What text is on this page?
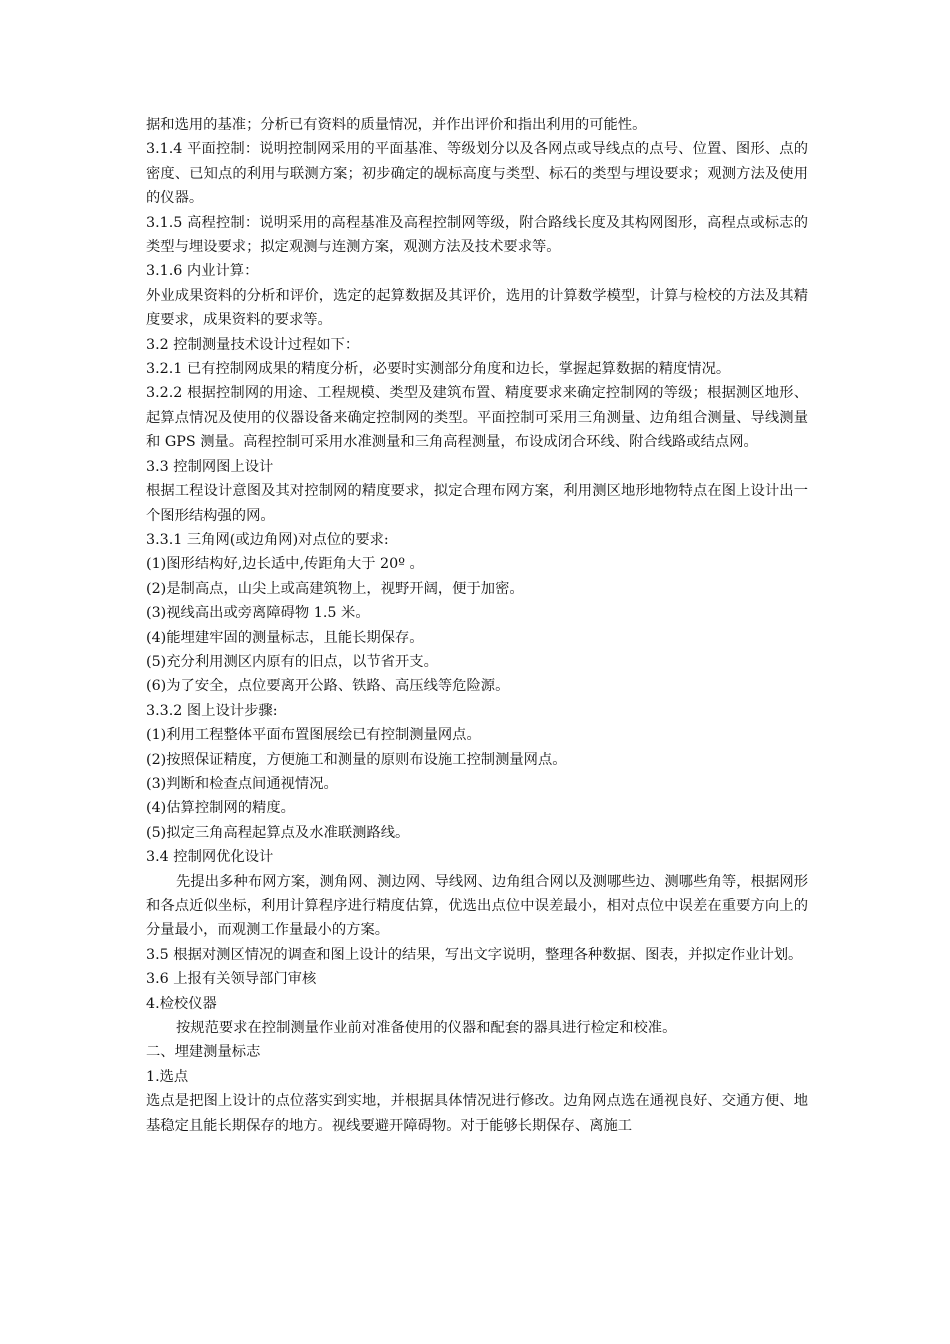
据和选用的基准；分析已有资料的质量情况，并作出评价和指出利用的可能性。

3.1.4 平面控制：说明控制网采用的平面基准、等级划分以及各网点或导线点的点号、位置、图形、点的密度、已知点的利用与联测方案；初步确定的觇标高度与类型、标石的类型与埋设要求；观测方法及使用的仪器。

3.1.5 高程控制：说明采用的高程基准及高程控制网等级，附合路线长度及其构网图形，高程点或标志的类型与埋设要求；拟定观测与连测方案，观测方法及技术要求等。

3.1.6 内业计算：

外业成果资料的分析和评价，选定的起算数据及其评价，选用的计算数学模型，计算与检校的方法及其精度要求，成果资料的要求等。

3.2 控制测量技术设计过程如下：

3.2.1 已有控制网成果的精度分析，必要时实测部分角度和边长，掌握起算数据的精度情况。

3.2.2 根据控制网的用途、工程规模、类型及建筑布置、精度要求来确定控制网的等级；根据测区地形、起算点情况及使用的仪器设备来确定控制网的类型。平面控制可采用三角测量、边角组合测量、导线测量和 GPS 测量。高程控制可采用水准测量和三角高程测量，布设成闭合环线、附合线路或结点网。

3.3 控制网图上设计

根据工程设计意图及其对控制网的精度要求，拟定合理布网方案，利用测区地形地物特点在图上设计出一个图形结构强的网。

3.3.1 三角网(或边角网)对点位的要求:

(1)图形结构好,边长适中,传距角大于 20º 。

(2)是制高点，山尖上或高建筑物上，视野开阔，便于加密。

(3)视线高出或旁离障碍物 1.5 米。

(4)能埋建牢固的测量标志，且能长期保存。

(5)充分利用测区内原有的旧点，以节省开支。

(6)为了安全，点位要离开公路、铁路、高压线等危险源。

3.3.2 图上设计步骤:

(1)利用工程整体平面布置图展绘已有控制测量网点。

(2)按照保证精度，方便施工和测量的原则布设施工控制测量网点。

(3)判断和检查点间通视情况。

(4)估算控制网的精度。

(5)拟定三角高程起算点及水准联测路线。

3.4 控制网优化设计

先提出多种布网方案，测角网、测边网、导线网、边角组合网以及测哪些边、测哪些角等，根据网形和各点近似坐标，利用计算程序进行精度估算，优选出点位中误差最小，相对点位中误差在重要方向上的分量最小，而观测工作量最小的方案。

3.5 根据对测区情况的调查和图上设计的结果，写出文字说明，整理各种数据、图表，并拟定作业计划。

3.6 上报有关领导部门审核

4.检校仪器

按规范要求在控制测量作业前对准备使用的仪器和配套的器具进行检定和校准。

二、埋建测量标志

1.选点

选点是把图上设计的点位落实到实地，并根据具体情况进行修改。边角网点选在通视良好、交通方便、地基稳定且能长期保存的地方。视线要避开障碍物。对于能够长期保存、离施工
